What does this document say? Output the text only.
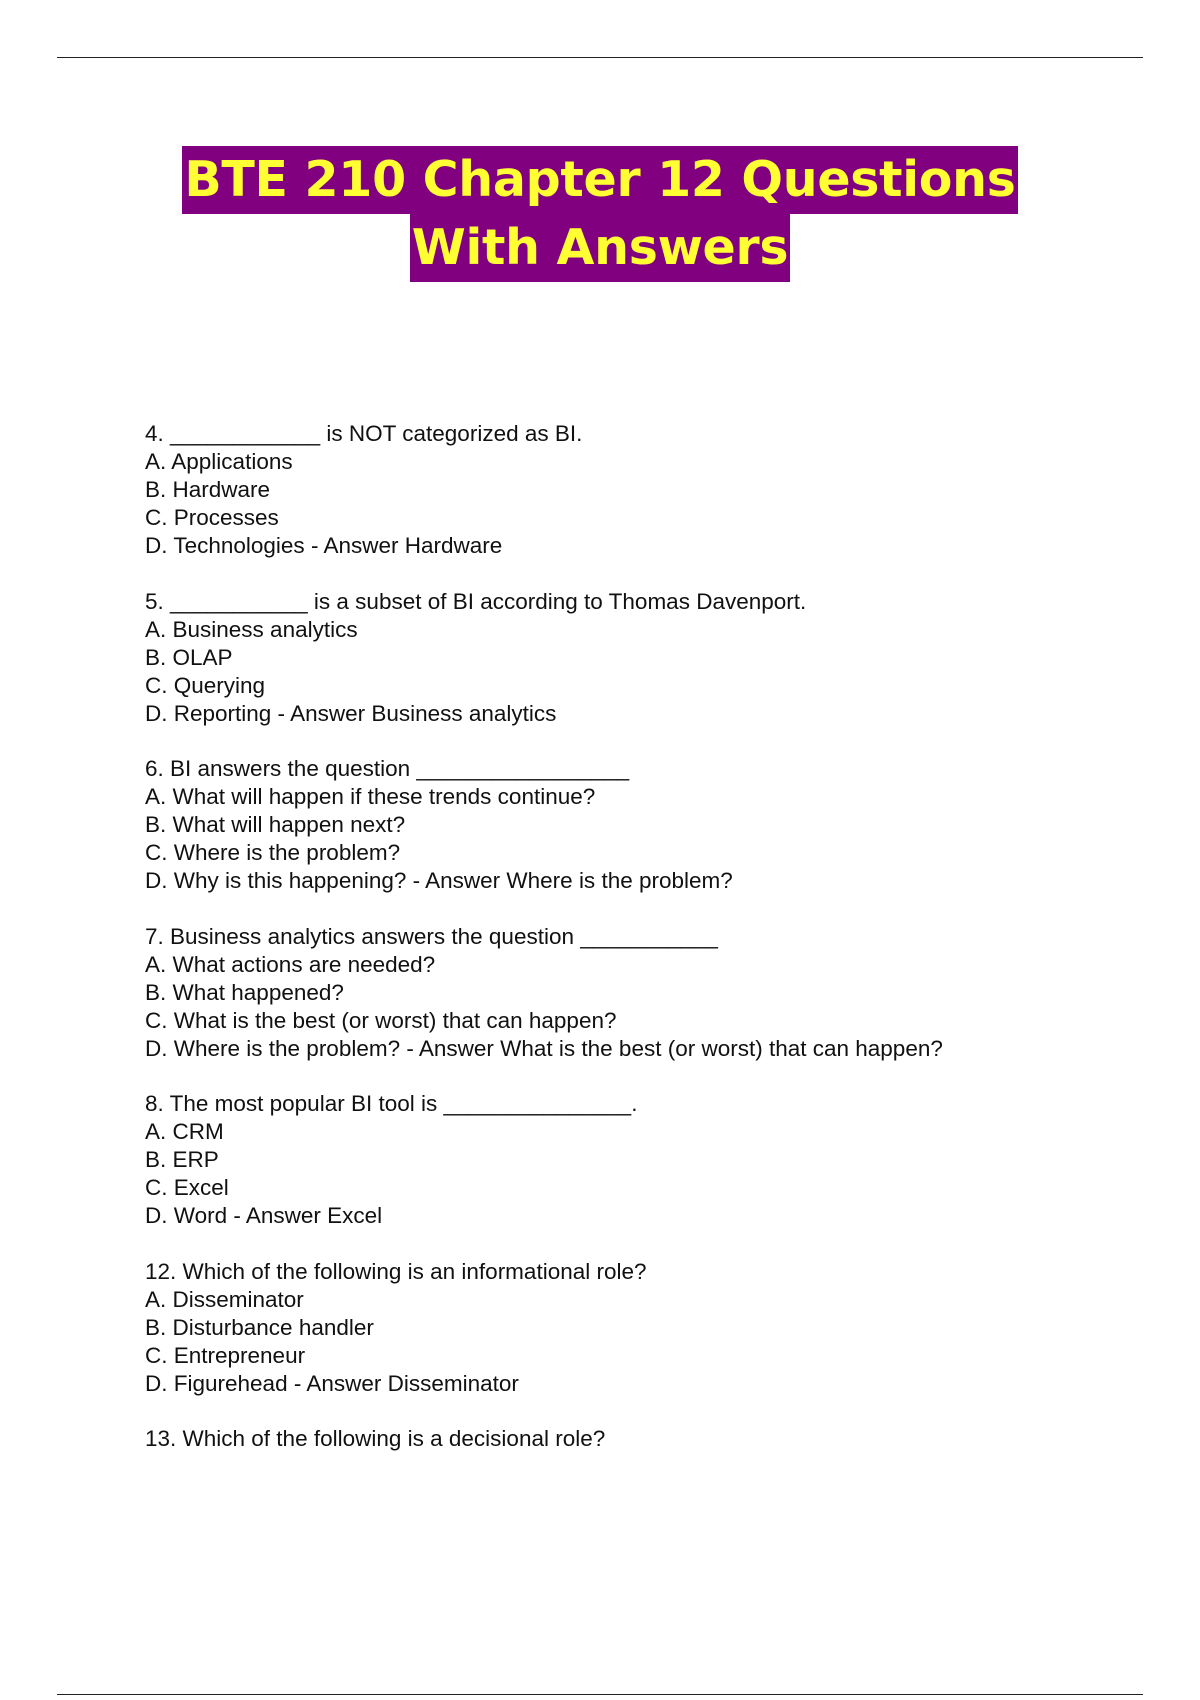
BTE 210 Chapter 12 Questions
With Answers
4. ____________ is NOT categorized as BI.
A. Applications
B. Hardware
C. Processes
D. Technologies - Answer Hardware
5. ___________ is a subset of BI according to Thomas Davenport.
A. Business analytics
B. OLAP
C. Querying
D. Reporting - Answer Business analytics
6. BI answers the question _________________
A. What will happen if these trends continue?
B. What will happen next?
C. Where is the problem?
D. Why is this happening? - Answer Where is the problem?
7. Business analytics answers the question ___________
A. What actions are needed?
B. What happened?
C. What is the best (or worst) that can happen?
D. Where is the problem? - Answer What is the best (or worst) that can happen?
8. The most popular BI tool is _______________.
A. CRM
B. ERP
C. Excel
D. Word - Answer Excel
12. Which of the following is an informational role?
A. Disseminator
B. Disturbance handler
C. Entrepreneur
D. Figurehead - Answer Disseminator
13. Which of the following is a decisional role?
